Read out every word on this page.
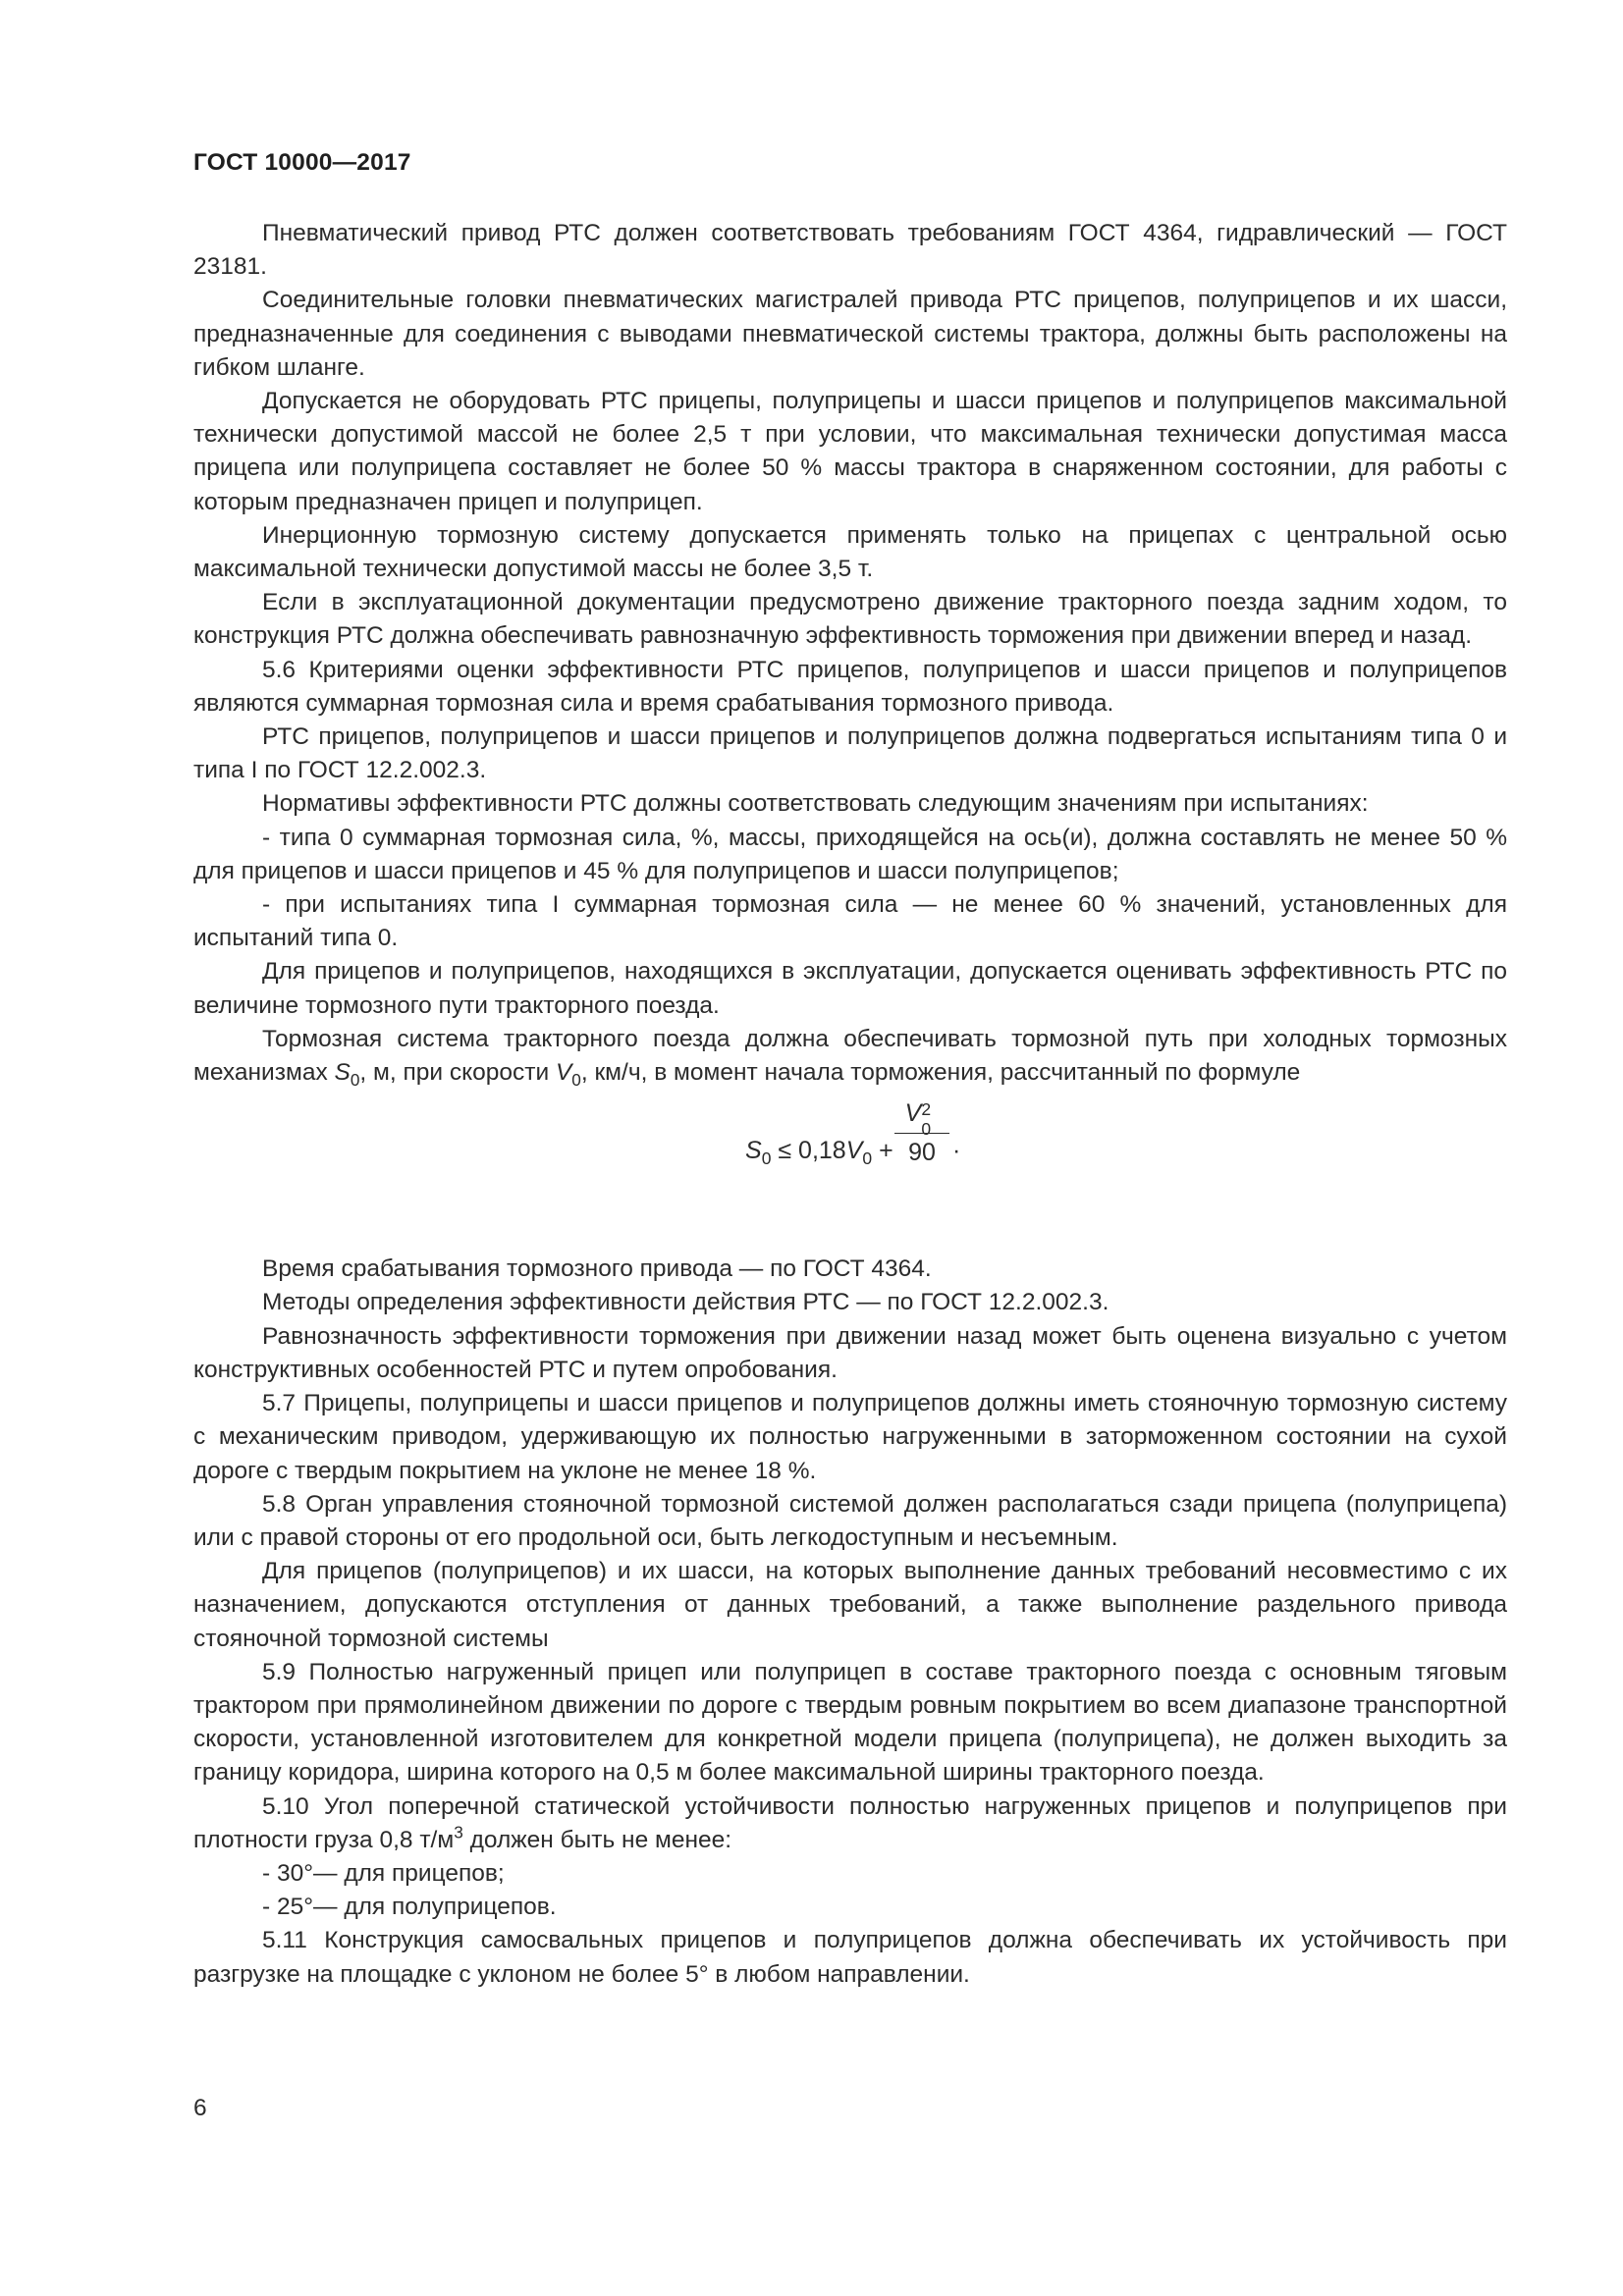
ГОСТ 10000—2017

Пневматический привод РТС должен соответствовать требованиям ГОСТ 4364, гидравлический — ГОСТ 23181.

Соединительные головки пневматических магистралей привода РТС прицепов, полуприцепов и их шасси, предназначенные для соединения с выводами пневматической системы трактора, должны быть расположены на гибком шланге.

Допускается не оборудовать РТС прицепы, полуприцепы и шасси прицепов и полуприцепов максимальной технически допустимой массой не более 2,5 т при условии, что максимальная технически допустимая масса прицепа или полуприцепа составляет не более 50 % массы трактора в снаряженном состоянии, для работы с которым предназначен прицеп и полуприцеп.

Инерционную тормозную систему допускается применять только на прицепах с центральной осью максимальной технически допустимой массы не более 3,5 т.

Если в эксплуатационной документации предусмотрено движение тракторного поезда задним ходом, то конструкция РТС должна обеспечивать равнозначную эффективность торможения при движении вперед и назад.

5.6 Критериями оценки эффективности РТС прицепов, полуприцепов и шасси прицепов и полуприцепов являются суммарная тормозная сила и время срабатывания тормозного привода.

РТС прицепов, полуприцепов и шасси прицепов и полуприцепов должна подвергаться испытаниям типа 0 и типа I по ГОСТ 12.2.002.3.

Нормативы эффективности РТС должны соответствовать следующим значениям при испытаниях:

- типа 0 суммарная тормозная сила, %, массы, приходящейся на ось(и), должна составлять не менее 50 % для прицепов и шасси прицепов и 45 % для полуприцепов и шасси полуприцепов;

- при испытаниях типа I суммарная тормозная сила — не менее 60 % значений, установленных для испытаний типа 0.

Для прицепов и полуприцепов, находящихся в эксплуатации, допускается оценивать эффективность РТС по величине тормозного пути тракторного поезда.

Тормозная система тракторного поезда должна обеспечивать тормозной путь при холодных тормозных механизмах $S_0$, м, при скорости $V_0$, км/ч, в момент начала торможения, рассчитанный по формуле

$S_0 \le 0,18V_0$ +
V 2
0
90 ·

Время срабатывания тормозного привода — по ГОСТ 4364.

Методы определения эффективности действия РТС — по ГОСТ 12.2.002.3.

Равнозначность эффективности торможения при движении назад может быть оценена визуально с учетом конструктивных особенностей РТС и путем опробования.

5.7 Прицепы, полуприцепы и шасси прицепов и полуприцепов должны иметь стояночную тормозную систему с механическим приводом, удерживающую их полностью нагруженными в заторможенном состоянии на сухой дороге с твердым покрытием на уклоне не менее 18 %.

5.8 Орган управления стояночной тормозной системой должен располагаться сзади прицепа (полуприцепа) или с правой стороны от его продольной оси, быть легкодоступным и несъемным.

Для прицепов (полуприцепов) и их шасси, на которых выполнение данных требований несовместимо с их назначением, допускаются отступления от данных требований, а также выполнение раздельного привода стояночной тормозной системы

5.9 Полностью нагруженный прицеп или полуприцеп в составе тракторного поезда с основным тяговым трактором при прямолинейном движении по дороге с твердым ровным покрытием во всем диапазоне транспортной скорости, установленной изготовителем для конкретной модели прицепа (полуприцепа), не должен выходить за границу коридора, ширина которого на 0,5 м более максимальной ширины тракторного поезда.

5.10 Угол поперечной статической устойчивости полностью нагруженных прицепов и полуприцепов при плотности груза 0,8 $т/м^3$ должен быть не менее:

- 30°— для прицепов;

- 25°— для полуприцепов.

5.11 Конструкция самосвальных прицепов и полуприцепов должна обеспечивать их устойчивость при разгрузке на площадке с уклоном не более 5° в любом направлении.

6
